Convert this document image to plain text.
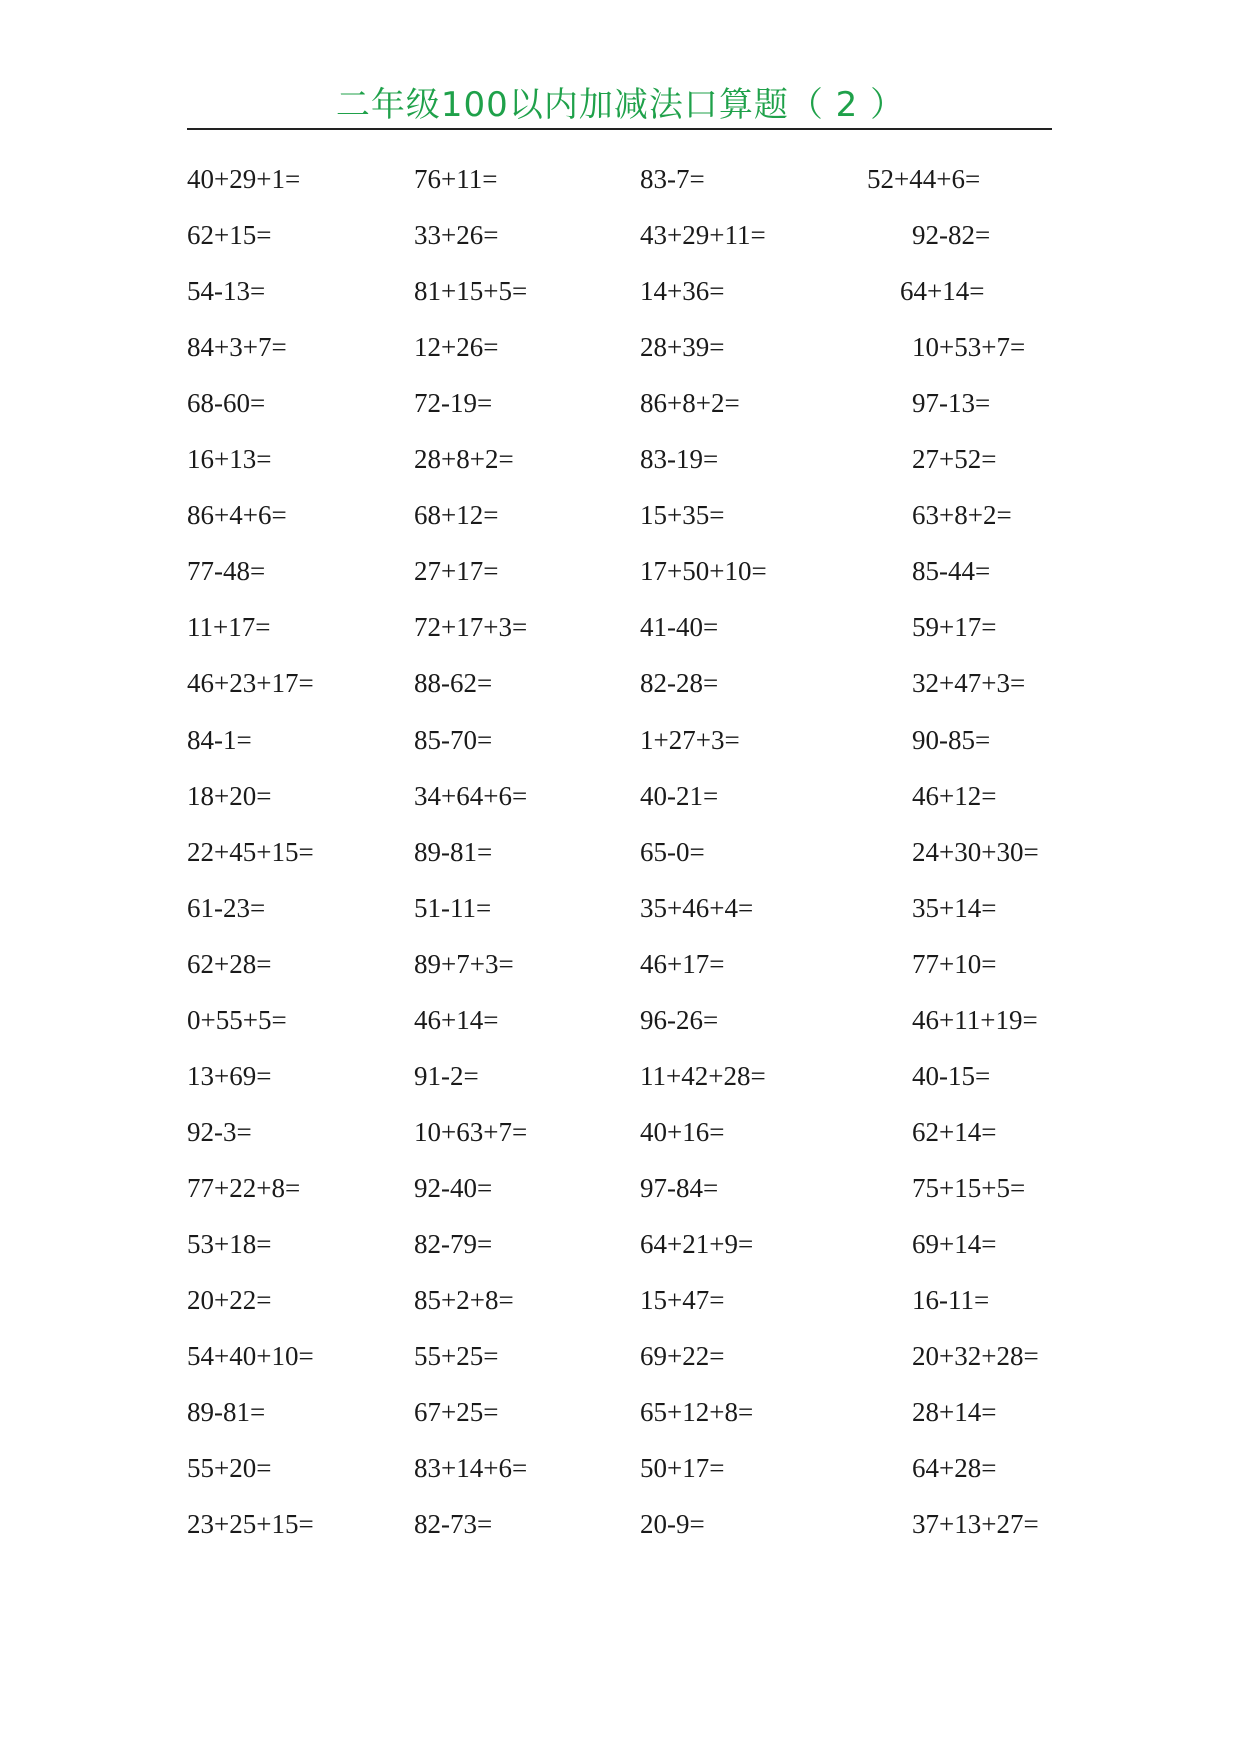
二年级100以内加减法口算题（ 2 ）
40+29+1=
62+15=
54-13=
84+3+7=
68-60=
16+13=
86+4+6=
77-48=
11+17=
46+23+17=
84-1=
18+20=
22+45+15=
61-23=
62+28=
0+55+5=
13+69=
92-3=
77+22+8=
53+18=
20+22=
54+40+10=
89-81=
55+20=
23+25+15=
76+11=
33+26=
81+15+5=
12+26=
72-19=
28+8+2=
68+12=
27+17=
72+17+3=
88-62=
85-70=
34+64+6=
89-81=
51-11=
89+7+3=
46+14=
91-2=
10+63+7=
92-40=
82-79=
85+2+8=
55+25=
67+25=
83+14+6=
82-73=
83-7=
43+29+11=
14+36=
28+39=
86+8+2=
83-19=
15+35=
17+50+10=
41-40=
82-28=
1+27+3=
40-21=
65-0=
35+46+4=
46+17=
96-26=
11+42+28=
40+16=
97-84=
64+21+9=
15+47=
69+22=
65+12+8=
50+17=
20-9=
52+44+6=
92-82=
64+14=
10+53+7=
97-13=
27+52=
63+8+2=
85-44=
59+17=
32+47+3=
90-85=
46+12=
24+30+30=
35+14=
77+10=
46+11+19=
40-15=
62+14=
75+15+5=
69+14=
16-11=
20+32+28=
28+14=
64+28=
37+13+27=
